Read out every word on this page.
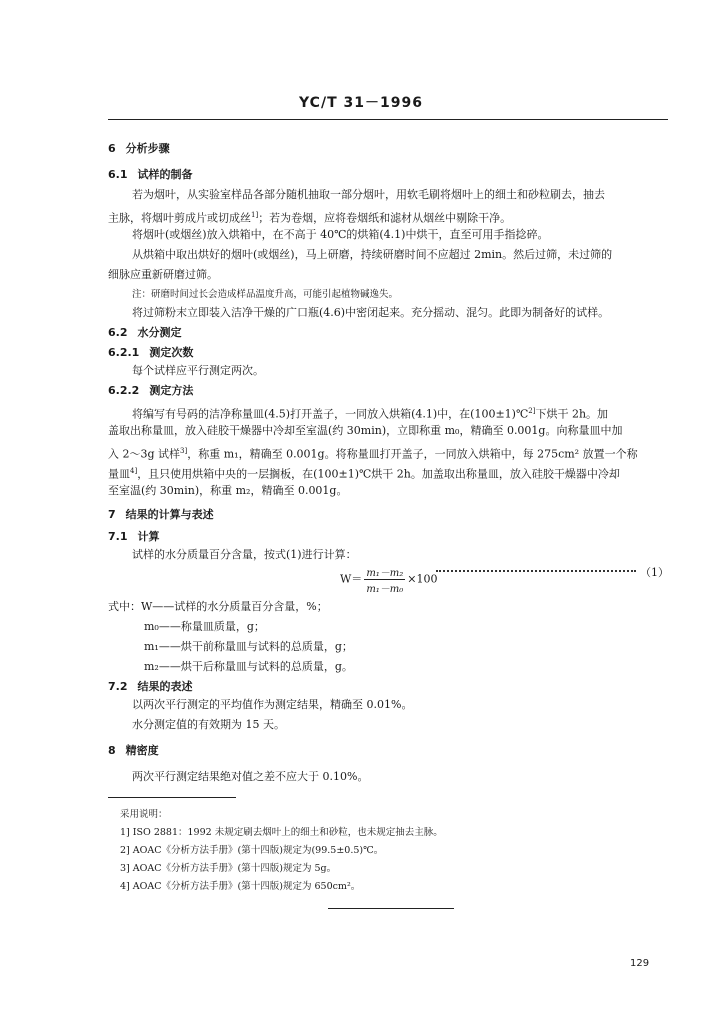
YC/T 31－1996
6 分析步骤
6.1 试样的制备
若为烟叶，从实验室样品各部分随机抽取一部分烟叶，用软毛刷将烟叶上的细土和砂粒刷去，抽去
主脉，将烟叶剪成片或切成丝$^{1]}$；若为卷烟，应将卷烟纸和滤材从烟丝中剔除干净。
将烟叶(或烟丝)放入烘箱中，在不高于 40℃的烘箱(4.1)中烘干，直至可用手指捻碎。
从烘箱中取出烘好的烟叶(或烟丝)，马上研磨，持续研磨时间不应超过 2min。然后过筛，未过筛的
细脉应重新研磨过筛。
注：研磨时间过长会造成样品温度升高，可能引起植物碱逸失。
将过筛粉末立即装入洁净干燥的广口瓶(4.6)中密闭起来。充分摇动、混匀。此即为制备好的试样。
6.2 水分测定
6.2.1 测定次数
每个试样应平行测定两次。
6.2.2 测定方法
将编写有号码的洁净称量皿(4.5)打开盖子，一同放入烘箱(4.1)中，在(100±1)℃$^{2]}$下烘干 2h。加
盖取出称量皿，放入硅胶干燥器中冷却至室温(约 30min)，立即称重 m₀，精确至 0.001g。向称量皿中加
入 2～3g 试样$^{3]}$，称重 m₁，精确至 0.001g。将称量皿打开盖子，一同放入烘箱中，每 275cm² 放置一个称
量皿$^{4]}$，且只使用烘箱中央的一层搁板，在(100±1)℃烘干 2h。加盖取出称量皿，放入硅胶干燥器中冷却
至室温(约 30min)，称重 m₂，精确至 0.001g。
7 结果的计算与表述
7.1 计算
试样的水分质量百分含量，按式(1)进行计算：
$W= \frac{\text{m₁－m₂}}{\text{m₁－m₀}} \times 100$	（1）
式中：W——试样的水分质量百分含量，%；
m₀——称量皿质量，g；
m₁——烘干前称量皿与试料的总质量，g；
m₂——烘干后称量皿与试料的总质量，g。
7.2 结果的表述
以两次平行测定的平均值作为测定结果，精确至 0.01%。
水分测定值的有效期为 15 天。
8 精密度
两次平行测定结果绝对值之差不应大于 0.10%。
采用说明：
1] ISO 2881：1992 未规定刷去烟叶上的细土和砂粒，也未规定抽去主脉。
2] AOAC《分析方法手册》(第十四版)规定为(99.5±0.5)℃。
3] AOAC《分析方法手册》(第十四版)规定为 5g。
4] AOAC《分析方法手册》(第十四版)规定为 650cm²。
129
